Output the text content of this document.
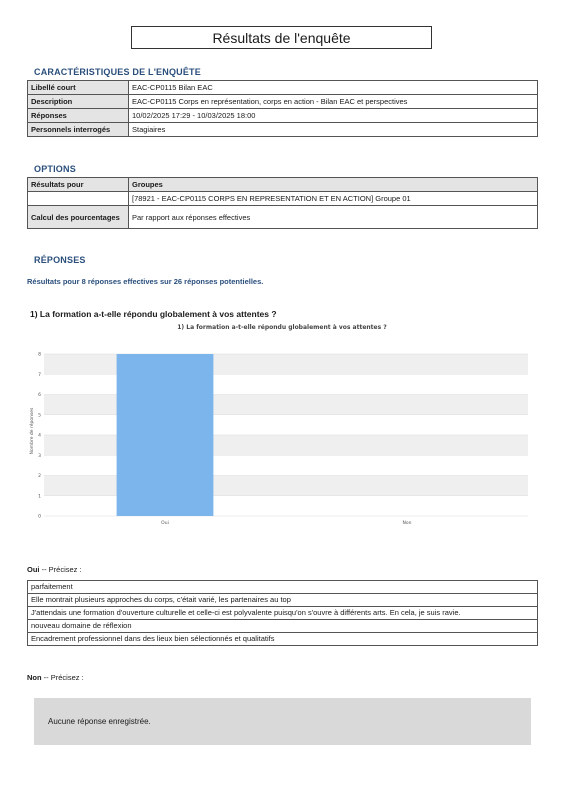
Résultats de l'enquête
CARACTÉRISTIQUES DE L'ENQUÊTE
Libellé court	EAC-CP0115 Bilan EAC
Description	EAC-CP0115 Corps en représentation, corps en action - Bilan EAC et perspectives
Réponses	10/02/2025 17:29 - 10/03/2025 18:00
Personnels interrogés	Stagiaires
OPTIONS
Résultats pour	Groupes
	[78921 - EAC-CP0115 CORPS EN REPRESENTATION ET EN ACTION] Groupe 01
Calcul des pourcentages	Par rapport aux réponses effectives
RÉPONSES
Résultats pour 8 réponses effectives sur 26 réponses potentielles.
1) La formation a-t-elle répondu globalement à vos attentes ?
1) La formation a-t-elle répondu globalement à vos attentes ?
0
1
2
3
4
5
6
7
8
Oui	Non
Nombre de réponses
Oui -- Précisez :
parfaitement
Elle montrait plusieurs approches du corps, c'était varié, les partenaires au top
J'attendais une formation d'ouverture culturelle et celle-ci est polyvalente puisqu'on s'ouvre à différents arts. En cela, je suis ravie.
nouveau domaine de réflexion
Encadrement professionnel dans des lieux bien sélectionnés et qualitatifs
Non -- Précisez :
Aucune réponse enregistrée.
